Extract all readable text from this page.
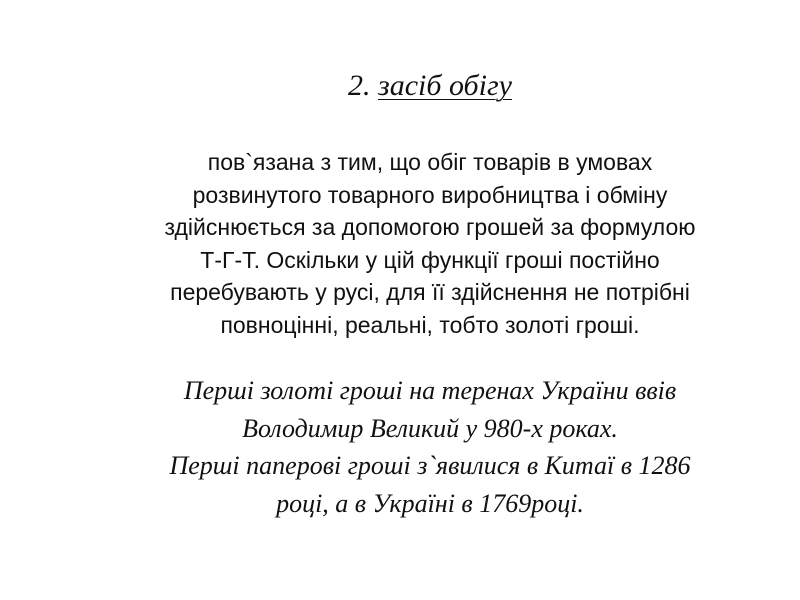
2. засіб обігу
пов`язана з тим, що обіг товарів в умовах
розвинутого товарного виробництва і обміну
здійснюється за допомогою грошей за формулою
Т-Г-Т. Оскільки у цій функції гроші постійно
перебувають у русі, для її здійснення не потрібні
повноцінні, реальні, тобто золоті гроші.
Перші золоті гроші на теренах України ввів
Володимир Великий у 980-х роках.
Перші паперові гроші з`явилися в Китаї в 1286
році, а в Україні в 1769році.
